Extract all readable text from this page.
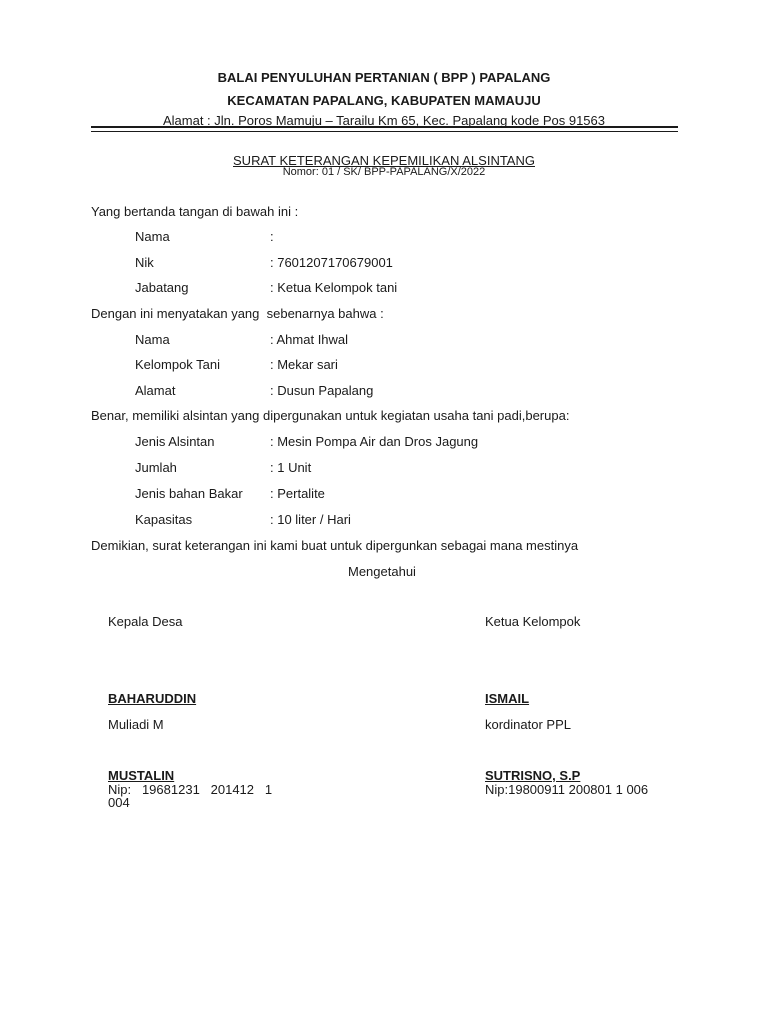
BALAI PENYULUHAN PERTANIAN ( BPP ) PAPALANG
KECAMATAN PAPALANG, KABUPATEN MAMAUJU
Alamat : Jln. Poros Mamuju – Tarailu Km 65, Kec. Papalang kode Pos 91563
SURAT KETERANGAN KEPEMILIKAN ALSINTANG
Nomor: 01 / SK/ BPP-PAPALANG/X/2022
Yang bertanda tangan di bawah ini :
Nama	:
Nik	: 7601207170679001
Jabatang	: Ketua Kelompok tani
Dengan ini menyatakan yang  sebenarnya bahwa :
Nama	: Ahmat Ihwal
Kelompok Tani	: Mekar sari
Alamat	: Dusun Papalang
Benar, memiliki alsintan yang dipergunakan untuk kegiatan usaha tani padi,berupa:
Jenis Alsintan	: Mesin Pompa Air dan Dros Jagung
Jumlah	: 1 Unit
Jenis bahan Bakar : Pertalite
Kapasitas	: 10 liter / Hari
Demikian, surat keterangan ini kami buat untuk dipergunkan sebagai mana mestinya
Mengetahui
Kepala Desa
BAHARUDDIN
Muliadi M
MUSTALIN
Nip:   19681231   201412   1
004
Ketua Kelompok
ISMAIL
kordinator PPL
SUTRISNO, S.P
Nip:19800911 200801 1 006
